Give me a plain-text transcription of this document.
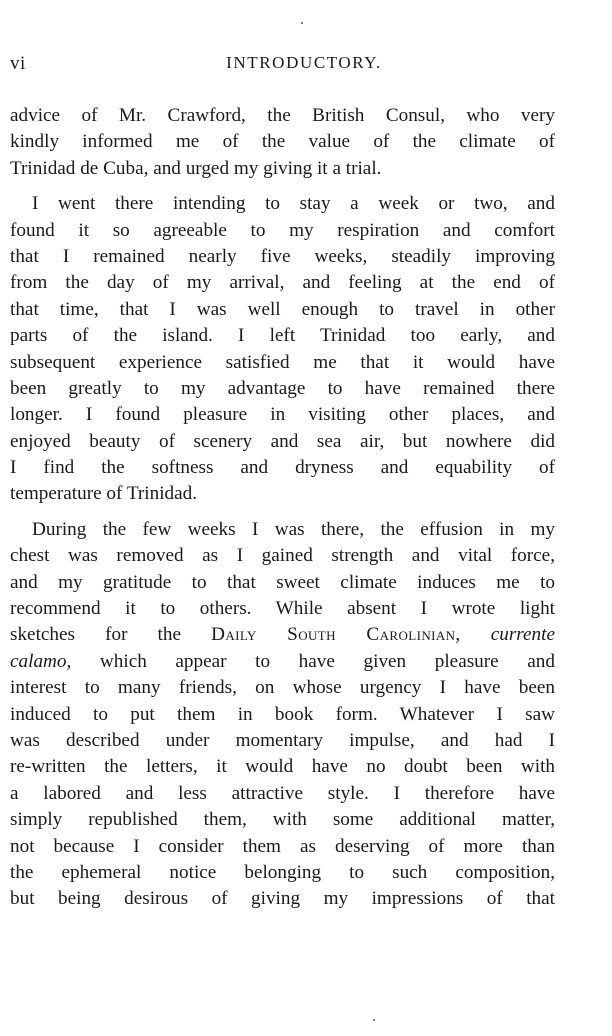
vi	INTRODUCTORY.
advice of Mr. Crawford, the British Consul, who very
kindly informed me of the value of the climate of
Trinidad de Cuba, and urged my giving it a trial.
I went there intending to stay a week or two, and
found it so agreeable to my respiration and comfort
that I remained nearly five weeks, steadily improving
from the day of my arrival, and feeling at the end of
that time, that I was well enough to travel in other
parts of the island. I left Trinidad too early, and
subsequent experience satisfied me that it would have
been greatly to my advantage to have remained there
longer. I found pleasure in visiting other places, and
enjoyed beauty of scenery and sea air, but nowhere did
I find the softness and dryness and equability of
temperature of Trinidad.
During the few weeks I was there, the effusion in my
chest was removed as I gained strength and vital force,
and my gratitude to that sweet climate induces me to
recommend it to others. While absent I wrote light
sketches for the Daily South Carolinian, currente
calamo, which appear to have given pleasure and
interest to many friends, on whose urgency I have been
induced to put them in book form. Whatever I saw
was described under momentary impulse, and had I
re-written the letters, it would have no doubt been with
a labored and less attractive style. I therefore have
simply republished them, with some additional matter,
not because I consider them as deserving of more than
the ephemeral notice belonging to such composition,
but being desirous of giving my impressions of that
